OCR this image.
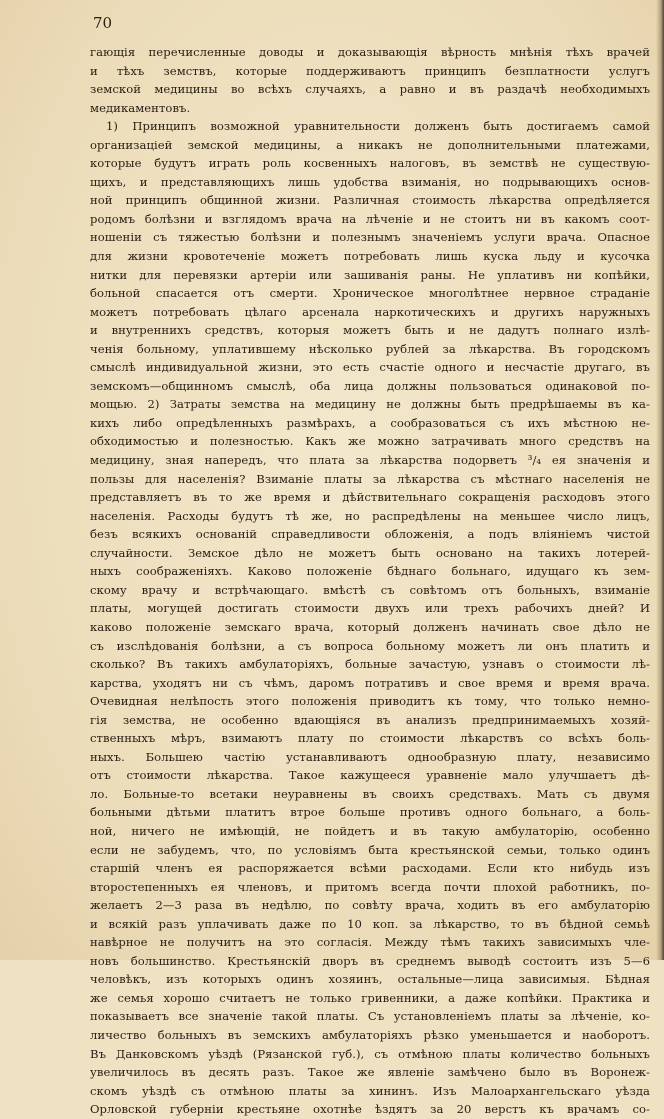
70
гающія перечисленные доводы и доказывающія вѣрность мнѣнія тѣхъ врачей
и тѣхъ земствъ, которые поддерживаютъ принципъ безплатности услугъ
земской медицины во всѣхъ случаяхъ, а равно и въ раздачѣ необходимыхъ
медикаментовъ.
1) Принципъ возможной уравнительности долженъ быть достигаемъ самой
организаціей земской медицины, а никакъ не дополнительными платежами,
которые будутъ играть роль косвенныхъ налоговъ, въ земствѣ не существую-
щихъ, и представляющихъ лишь удобства взиманія, но подрывающихъ основ-
ной принципъ общинной жизни. Различная стоимость лѣкарства опредѣляется
родомъ болѣзни и взглядомъ врача на лѣченіе и не стоитъ ни въ какомъ соот-
ношеніи съ тяжестью болѣзни и полезнымъ значеніемъ услуги врача. Опасное
для жизни кровотеченіе можетъ потребовать лишь куска льду и кусочка
нитки для перевязки артеріи или зашиванія раны. Не уплативъ ни копѣйки,
больной спасается отъ смерти. Хроническое многолѣтнее нервное страданіе
можетъ потребовать цѣлаго арсенала наркотическихъ и другихъ наружныхъ
и внутреннихъ средствъ, которыя можетъ быть и не дадутъ полнаго излѣ-
ченія больному, уплатившему нѣсколько рублей за лѣкарства. Въ городскомъ
смыслѣ индивидуальной жизни, это есть счастіе одного и несчастіе другаго, въ
земскомъ—общинномъ смыслѣ, оба лица должны пользоваться одинаковой по-
мощью. 2) Затраты земства на медицину не должны быть предрѣшаемы въ ка-
кихъ либо опредѣленныхъ размѣрахъ, а сообразоваться съ ихъ мѣстною не-
обходимостью и полезностью. Какъ же можно затрачивать много средствъ на
медицину, зная напередъ, что плата за лѣкарства подорветъ ³/₄ ея значенія и
пользы для населенія? Взиманіе платы за лѣкарства съ мѣстнаго населенія не
представляетъ въ то же время и дѣйствительнаго сокращенія расходовъ этого
населенія. Расходы будутъ тѣ же, но распредѣлены на меньшее число лицъ,
безъ всякихъ основаній справедливости обложенія, а подъ вліяніемъ чистой
случайности. Земское дѣло не можетъ быть основано на такихъ лотерей-
ныхъ соображеніяхъ. Каково положеніе бѣднаго больнаго, идущаго къ зем-
скому врачу и встрѣчающаго. вмѣстѣ съ совѣтомъ отъ больныхъ, взиманіе
платы, могущей достигать стоимости двухъ или трехъ рабочихъ дней? И
каково положеніе земскаго врача, который долженъ начинать свое дѣло не
съ изслѣдованія болѣзни, а съ вопроса больному можетъ ли онъ платить и
сколько? Въ такихъ амбулаторіяхъ, больные зачастую, узнавъ о стоимости лѣ-
карства, уходятъ ни съ чѣмъ, даромъ потративъ и свое время и время врача.
Очевидная нелѣпость этого положенія приводитъ къ тому, что только немно-
гія земства, не особенно вдающіяся въ анализъ предпринимаемыхъ хозяй-
ственныхъ мѣръ, взимаютъ плату по стоимости лѣкарствъ со всѣхъ боль-
ныхъ. Большею частію устанавливаютъ однообразную плату, независимо
отъ стоимости лѣкарства. Такое кажущееся уравненіе мало улучшаетъ дѣ-
ло. Больные-то всетаки неуравнены въ своихъ средствахъ. Мать съ двумя
больными дѣтьми платитъ втрое больше противъ одного больнаго, а боль-
ной, ничего не имѣющій, не пойдетъ и въ такую амбулаторію, особенно
если не забудемъ, что, по условіямъ быта крестьянской семьи, только одинъ
старшій членъ ея распоряжается всѣми расходами. Если кто нибудь изъ
второстепенныхъ ея членовъ, и притомъ всегда почти плохой работникъ, по-
желаетъ 2—3 раза въ недѣлю, по совѣту врача, ходить въ его амбулаторію
и всякій разъ уплачивать даже по 10 коп. за лѣкарство, то въ бѣдной семьѣ
навѣрное не получитъ на это согласія. Между тѣмъ такихъ зависимыхъ чле-
новъ большинство. Крестьянскій дворъ въ среднемъ выводѣ состоитъ изъ 5—6
человѣкъ, изъ которыхъ одинъ хозяинъ, остальные—лица зависимыя. Бѣдная
же семья хорошо считаетъ не только гривенники, а даже копѣйки. Практика и
показываетъ все значеніе такой платы. Съ установленіемъ платы за лѣченіе, ко-
личество больныхъ въ земскихъ амбулаторіяхъ рѣзко уменьшается и наоборотъ.
Въ Данковскомъ уѣздѣ (Рязанской губ.), съ отмѣною платы количество больныхъ
увеличилось въ десять разъ. Такое же явленіе замѣчено было въ Воронеж-
скомъ уѣздѣ съ отмѣною платы за хининъ. Изъ Малоархангельскаго уѣзда
Орловской губерніи крестьяне охотнѣе ѣздятъ за 20 верстъ къ врачамъ со-
